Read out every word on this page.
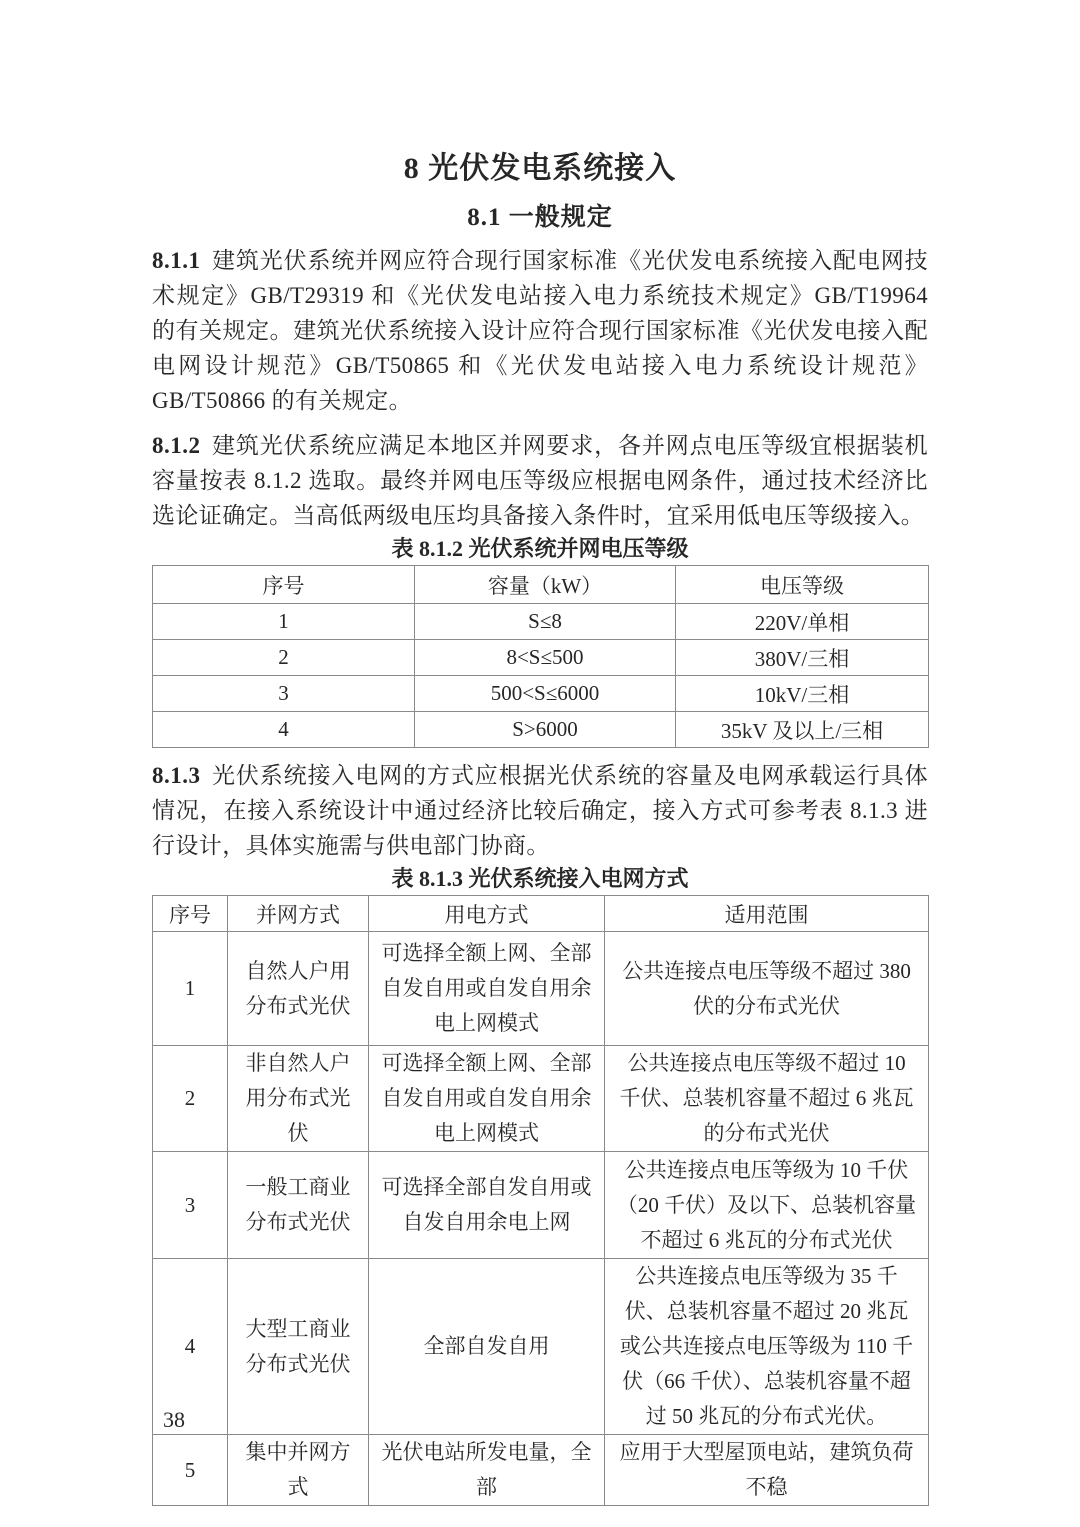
8 光伏发电系统接入
8.1 一般规定

8.1.1 建筑光伏系统并网应符合现行国家标准《光伏发电系统接入配电网技术规定》GB/T29319 和《光伏发电站接入电力系统技术规定》GB/T19964 的有关规定。建筑光伏系统接入设计应符合现行国家标准《光伏发电接入配电网设计规范》GB/T50865 和《光伏发电站接入电力系统设计规范》GB/T50866 的有关规定。

8.1.2 建筑光伏系统应满足本地区并网要求，各并网点电压等级宜根据装机容量按表 8.1.2 选取。最终并网电压等级应根据电网条件，通过技术经济比选论证确定。当高低两级电压均具备接入条件时，宜采用低电压等级接入。

表 8.1.2 光伏系统并网电压等级

序号	容量（kW）	电压等级
1	S≤8	220V/单相
2	8<S≤500	380V/三相
3	500<S≤6000	10kV/三相
4	S>6000	35kV 及以上/三相

8.1.3 光伏系统接入电网的方式应根据光伏系统的容量及电网承载运行具体情况，在接入系统设计中通过经济比较后确定，接入方式可参考表 8.1.3 进行设计，具体实施需与供电部门协商。

表 8.1.3 光伏系统接入电网方式

序号	并网方式	用电方式	适用范围
1	自然人户用分布式光伏	可选择全额上网、全部自发自用或自发自用余电上网模式	公共连接点电压等级不超过 380 伏的分布式光伏
2	非自然人户用分布式光伏	可选择全额上网、全部自发自用或自发自用余电上网模式	公共连接点电压等级不超过 10 千伏、总装机容量不超过 6 兆瓦的分布式光伏
3	一般工商业分布式光伏	可选择全部自发自用或自发自用余电上网	公共连接点电压等级为 10 千伏（20 千伏）及以下、总装机容量不超过 6 兆瓦的分布式光伏
4	大型工商业分布式光伏	全部自发自用	公共连接点电压等级为 35 千伏、总装机容量不超过 20 兆瓦或公共连接点电压等级为 110 千伏（66 千伏）、总装机容量不超过 50 兆瓦的分布式光伏。
5	集中并网方式	光伏电站所发电量，全部	应用于大型屋顶电站，建筑负荷不稳
38
